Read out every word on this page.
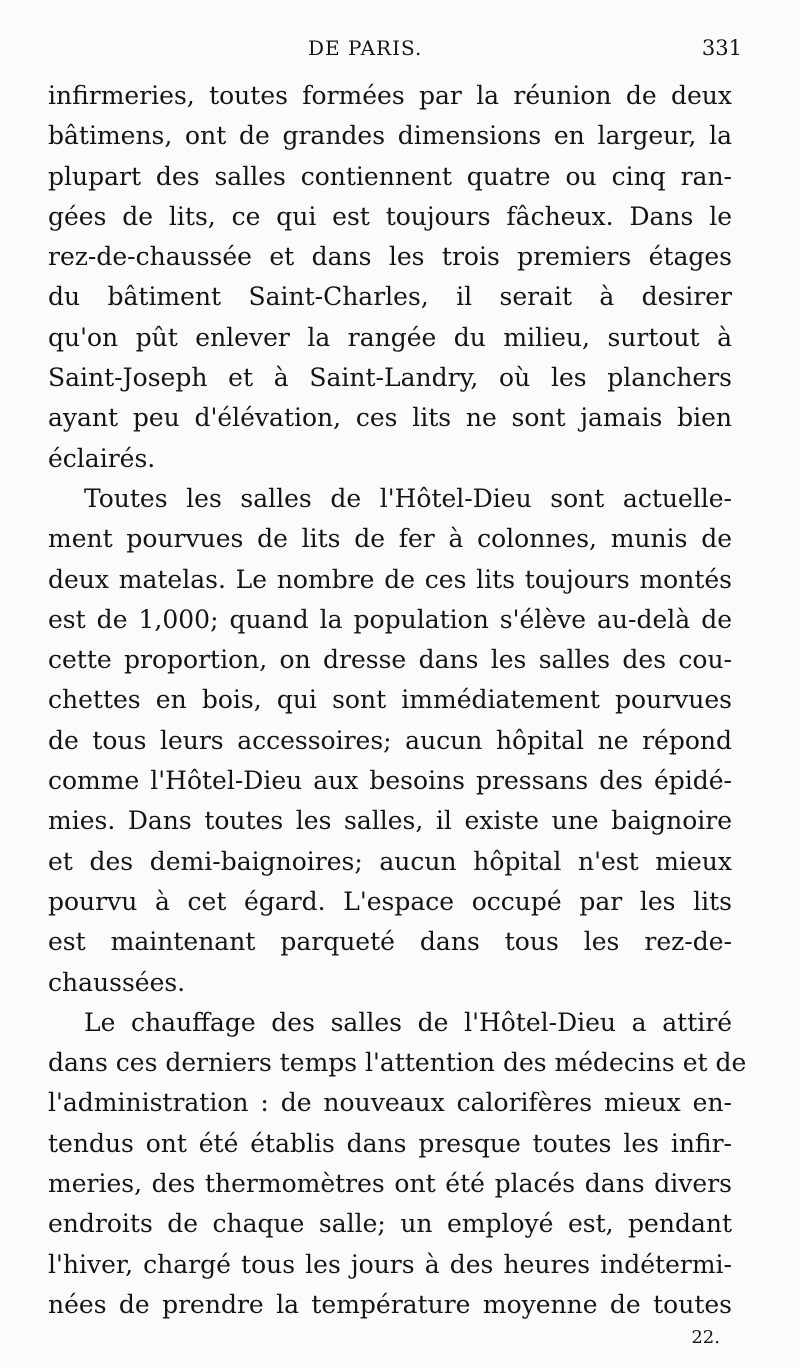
DE PARIS.	331
infirmeries, toutes formées par la réunion de deux
bâtimens, ont de grandes dimensions en largeur, la
plupart des salles contiennent quatre ou cinq ran-
gées de lits, ce qui est toujours fâcheux. Dans le
rez-de-chaussée et dans les trois premiers étages
du bâtiment Saint-Charles, il serait à desirer
qu'on pût enlever la rangée du milieu, surtout à
Saint-Joseph et à Saint-Landry, où les planchers
ayant peu d'élévation, ces lits ne sont jamais bien
éclairés.
Toutes les salles de l'Hôtel-Dieu sont actuelle-
ment pourvues de lits de fer à colonnes, munis de
deux matelas. Le nombre de ces lits toujours montés
est de 1,000; quand la population s'élève au-delà de
cette proportion, on dresse dans les salles des cou-
chettes en bois, qui sont immédiatement pourvues
de tous leurs accessoires; aucun hôpital ne répond
comme l'Hôtel-Dieu aux besoins pressans des épidé-
mies. Dans toutes les salles, il existe une baignoire
et des demi-baignoires; aucun hôpital n'est mieux
pourvu à cet égard. L'espace occupé par les lits
est maintenant parqueté dans tous les rez-de-
chaussées.
Le chauffage des salles de l'Hôtel-Dieu a attiré
dans ces derniers temps l'attention des médecins et de
l'administration : de nouveaux calorifères mieux en-
tendus ont été établis dans presque toutes les infir-
meries, des thermomètres ont été placés dans divers
endroits de chaque salle; un employé est, pendant
l'hiver, chargé tous les jours à des heures indétermi-
nées de prendre la température moyenne de toutes
22.
